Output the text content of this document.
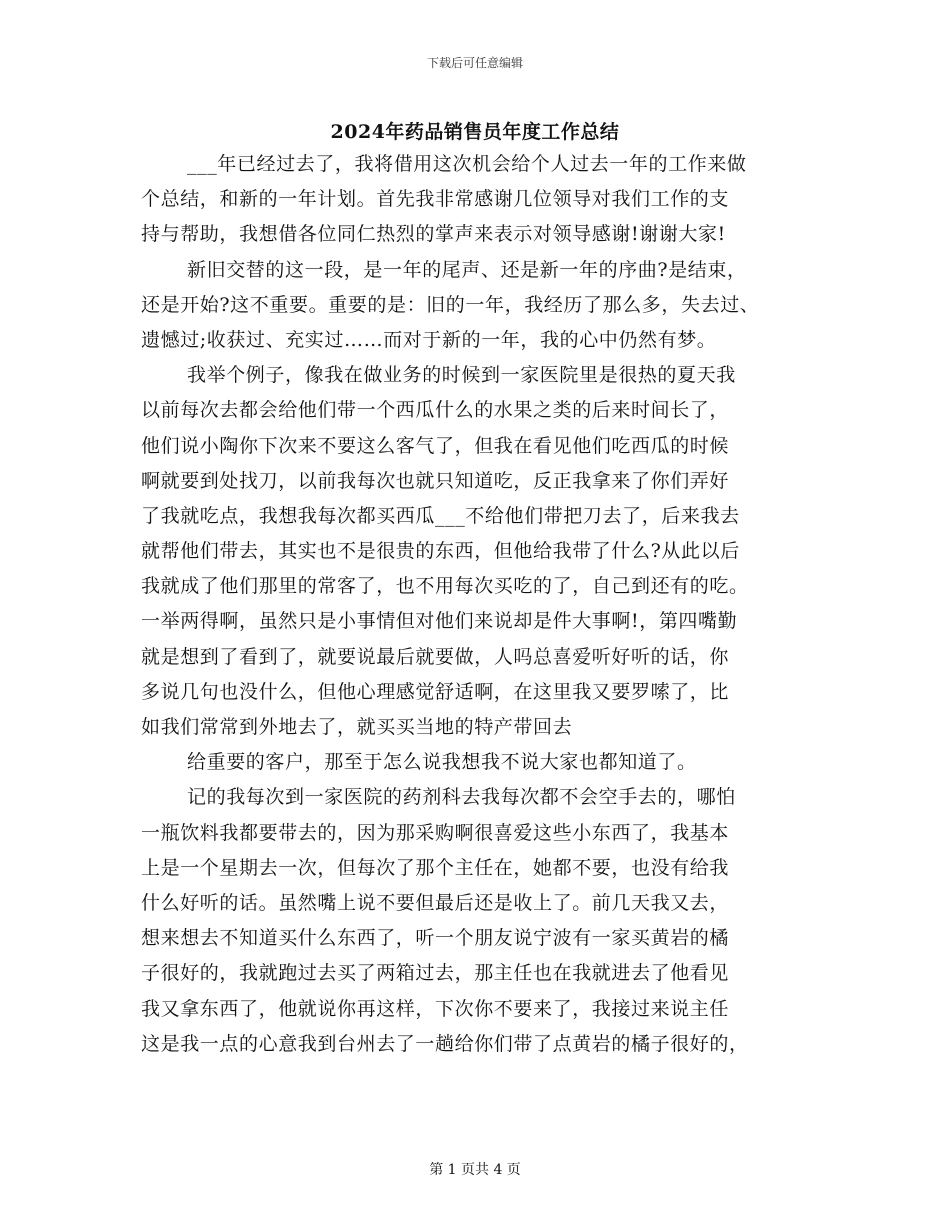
下载后可任意编辑
2024年药品销售员年度工作总结
___年已经过去了，我将借用这次机会给个人过去一年的工作来做
个总结，和新的一年计划。首先我非常感谢几位领导对我们工作的支
持与帮助，我想借各位同仁热烈的掌声来表示对领导感谢!谢谢大家!
新旧交替的这一段，是一年的尾声、还是新一年的序曲?是结束，
还是开始?这不重要。重要的是：旧的一年，我经历了那么多，失去过、
遗憾过;收获过、充实过……而对于新的一年，我的心中仍然有梦。
我举个例子，像我在做业务的时候到一家医院里是很热的夏天我
以前每次去都会给他们带一个西瓜什么的水果之类的后来时间长了，
他们说小陶你下次来不要这么客气了，但我在看见他们吃西瓜的时候
啊就要到处找刀，以前我每次也就只知道吃，反正我拿来了你们弄好
了我就吃点，我想我每次都买西瓜___不给他们带把刀去了，后来我去
就帮他们带去，其实也不是很贵的东西，但他给我带了什么?从此以后
我就成了他们那里的常客了，也不用每次买吃的了，自己到还有的吃。
一举两得啊，虽然只是小事情但对他们来说却是件大事啊!，第四嘴勤
就是想到了看到了，就要说最后就要做，人吗总喜爱听好听的话，你
多说几句也没什么，但他心理感觉舒适啊，在这里我又要罗嗦了，比
如我们常常到外地去了，就买买当地的特产带回去
给重要的客户，那至于怎么说我想我不说大家也都知道了。
记的我每次到一家医院的药剂科去我每次都不会空手去的，哪怕
一瓶饮料我都要带去的，因为那采购啊很喜爱这些小东西了，我基本
上是一个星期去一次，但每次了那个主任在，她都不要，也没有给我
什么好听的话。虽然嘴上说不要但最后还是收上了。前几天我又去，
想来想去不知道买什么东西了，听一个朋友说宁波有一家买黄岩的橘
子很好的，我就跑过去买了两箱过去，那主任也在我就进去了他看见
我又拿东西了，他就说你再这样，下次你不要来了，我接过来说主任
这是我一点的心意我到台州去了一趟给你们带了点黄岩的橘子很好的，
第 1 页共 4 页
